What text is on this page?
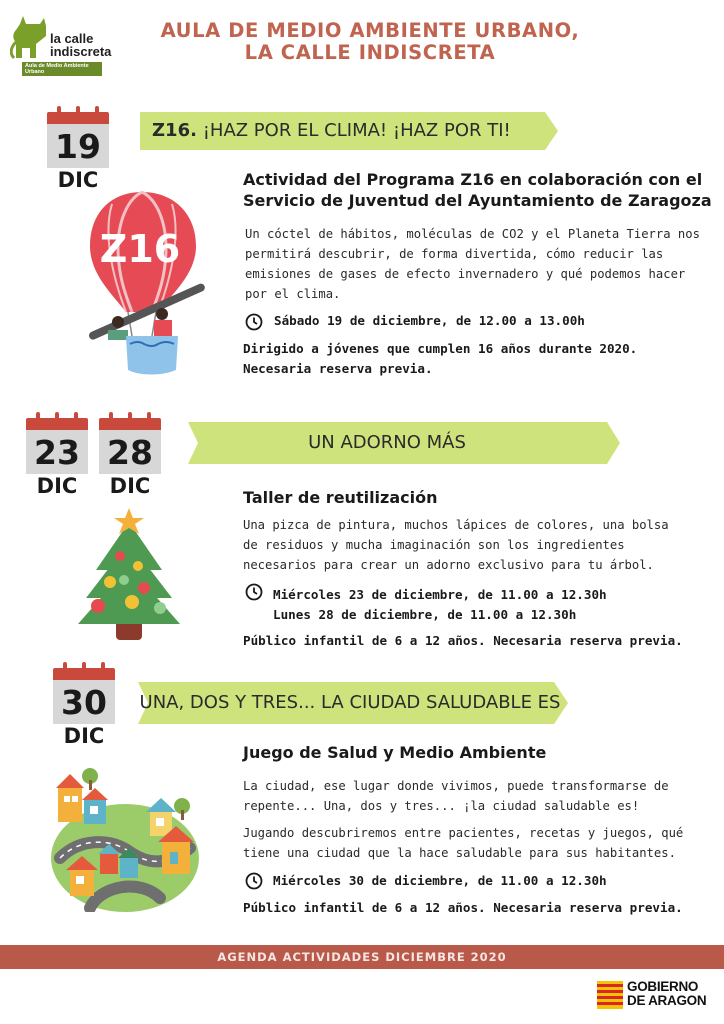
la calle
indiscreta
Aula de Medio Ambiente Urbano
AULA DE MEDIO AMBIENTE URBANO,
LA CALLE INDISCRETA
19
DIC
Z16. ¡HAZ POR EL CLIMA! ¡HAZ POR TI!
Z16
Actividad del Programa Z16 en colaboración con el
Servicio de Juventud del Ayuntamiento de Zaragoza
Un cóctel de hábitos, moléculas de CO2 y el Planeta Tierra nos
permitirá descubrir, de forma divertida, cómo reducir las
emisiones de gases de efecto invernadero y qué podemos hacer
por el clima.
Sábado 19 de diciembre, de 12.00 a 13.00h
Dirigido a jóvenes que cumplen 16 años durante 2020.
Necesaria reserva previa.
23
DIC
28
DIC
UN ADORNO MÁS
Taller de reutilización
Una pizca de pintura, muchos lápices de colores, una bolsa
de residuos y mucha imaginación son los ingredientes
necesarios para crear un adorno exclusivo para tu árbol.
Miércoles 23 de diciembre, de 11.00 a 12.30h
Lunes 28 de diciembre, de 11.00 a 12.30h
Público infantil de 6 a 12 años. Necesaria reserva previa.
30
DIC
UNA, DOS Y TRES... LA CIUDAD SALUDABLE ES
Juego de Salud y Medio Ambiente
La ciudad, ese lugar donde vivimos, puede transformarse de
repente... Una, dos y tres... ¡la ciudad saludable es!
Jugando descubriremos entre pacientes, recetas y juegos, qué
tiene una ciudad que la hace saludable para sus habitantes.
Miércoles 30 de diciembre, de 11.00 a 12.30h
Público infantil de 6 a 12 años. Necesaria reserva previa.
AGENDA ACTIVIDADES DICIEMBRE 2020
GOBIERNO
DE ARAGON
